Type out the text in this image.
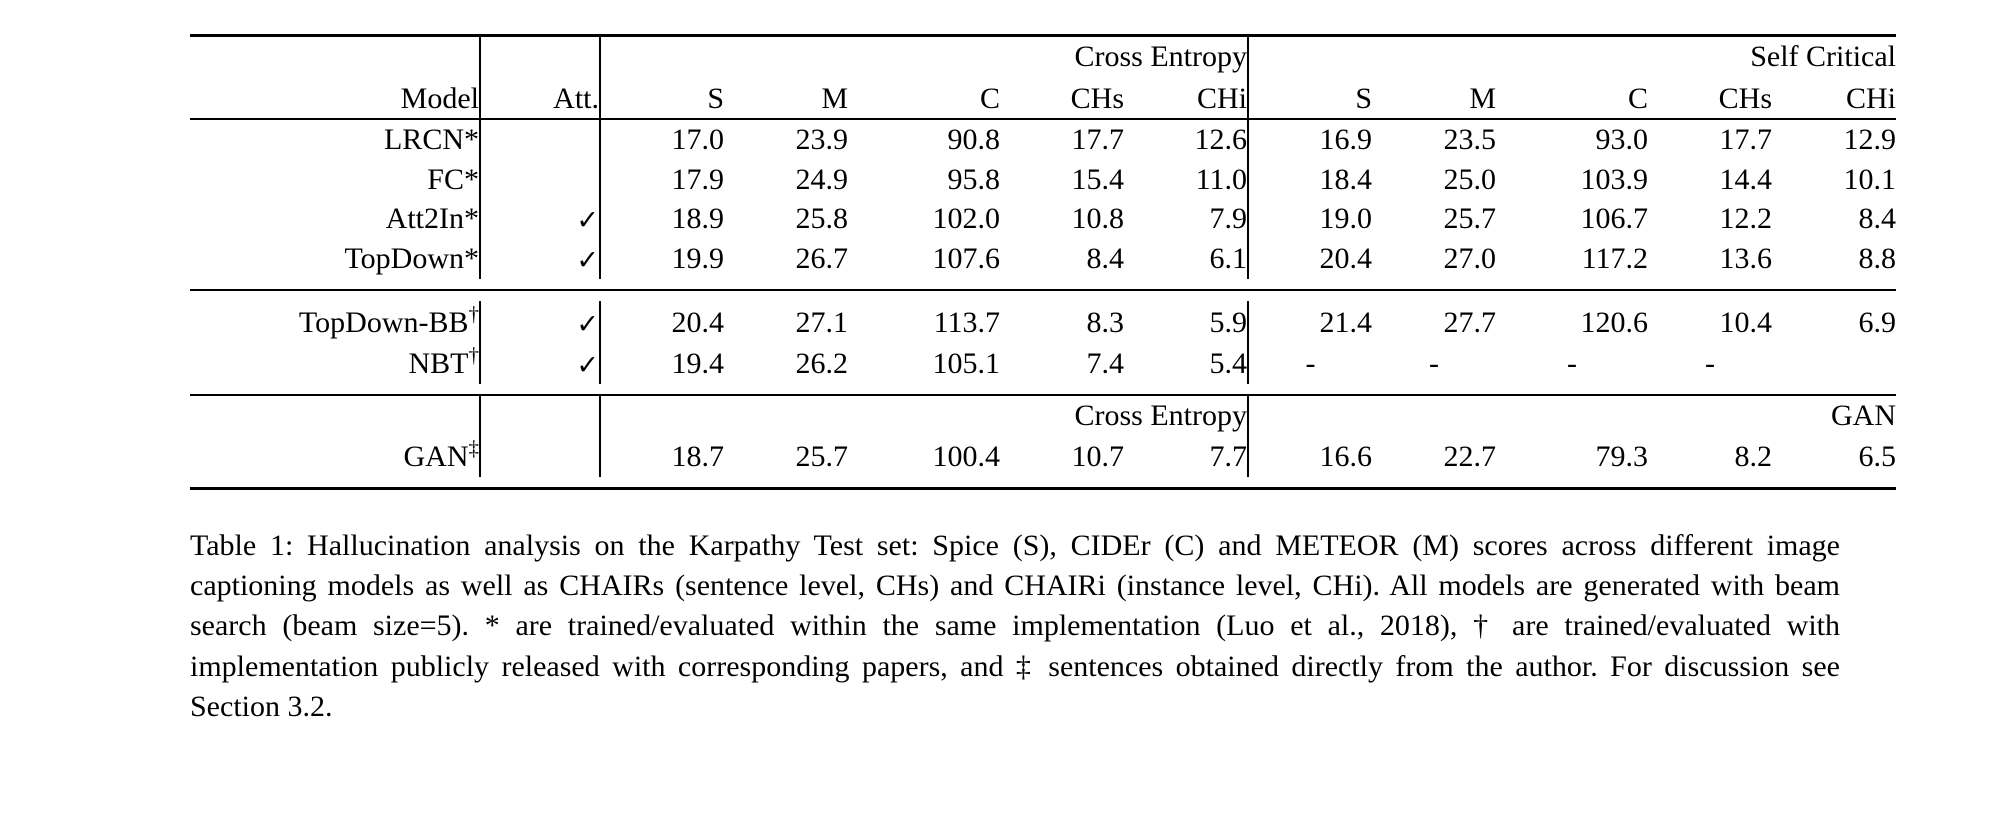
		Cross Entropy					Self Critical				
Model	Att.	S	M	C	CHs	CHi	S	M	C	CHs	CHi

LRCN*		17.0	23.9	90.8	17.7	12.6	16.9	23.5	93.0	17.7	12.9
FC*		17.9	24.9	95.8	15.4	11.0	18.4	25.0	103.9	14.4	10.1
Att2In*	✓	18.9	25.8	102.0	10.8	7.9	19.0	25.7	106.7	12.2	8.4
TopDown*	✓	19.9	26.7	107.6	8.4	6.1	20.4	27.0	117.2	13.6	8.8

TopDown-BB†	✓	20.4	27.1	113.7	8.3	5.9	21.4	27.7	120.6	10.4	6.9
NBT†	✓	19.4	26.2	105.1	7.4	5.4	-	-	-	-	

		Cross Entropy					GAN				
GAN‡		18.7	25.7	100.4	10.7	7.7	16.6	22.7	79.3	8.2	6.5

Table 1: Hallucination analysis on the Karpathy Test set: Spice (S), CIDEr (C) and METEOR (M) scores across different image captioning models as well as CHAIRs (sentence level, CHs) and CHAIRi (instance level, CHi). All models are generated with beam search (beam size=5). * are trained/evaluated within the same implementation (Luo et al., 2018), † are trained/evaluated with implementation publicly released with corresponding papers, and ‡ sentences obtained directly from the author. For discussion see Section 3.2.
